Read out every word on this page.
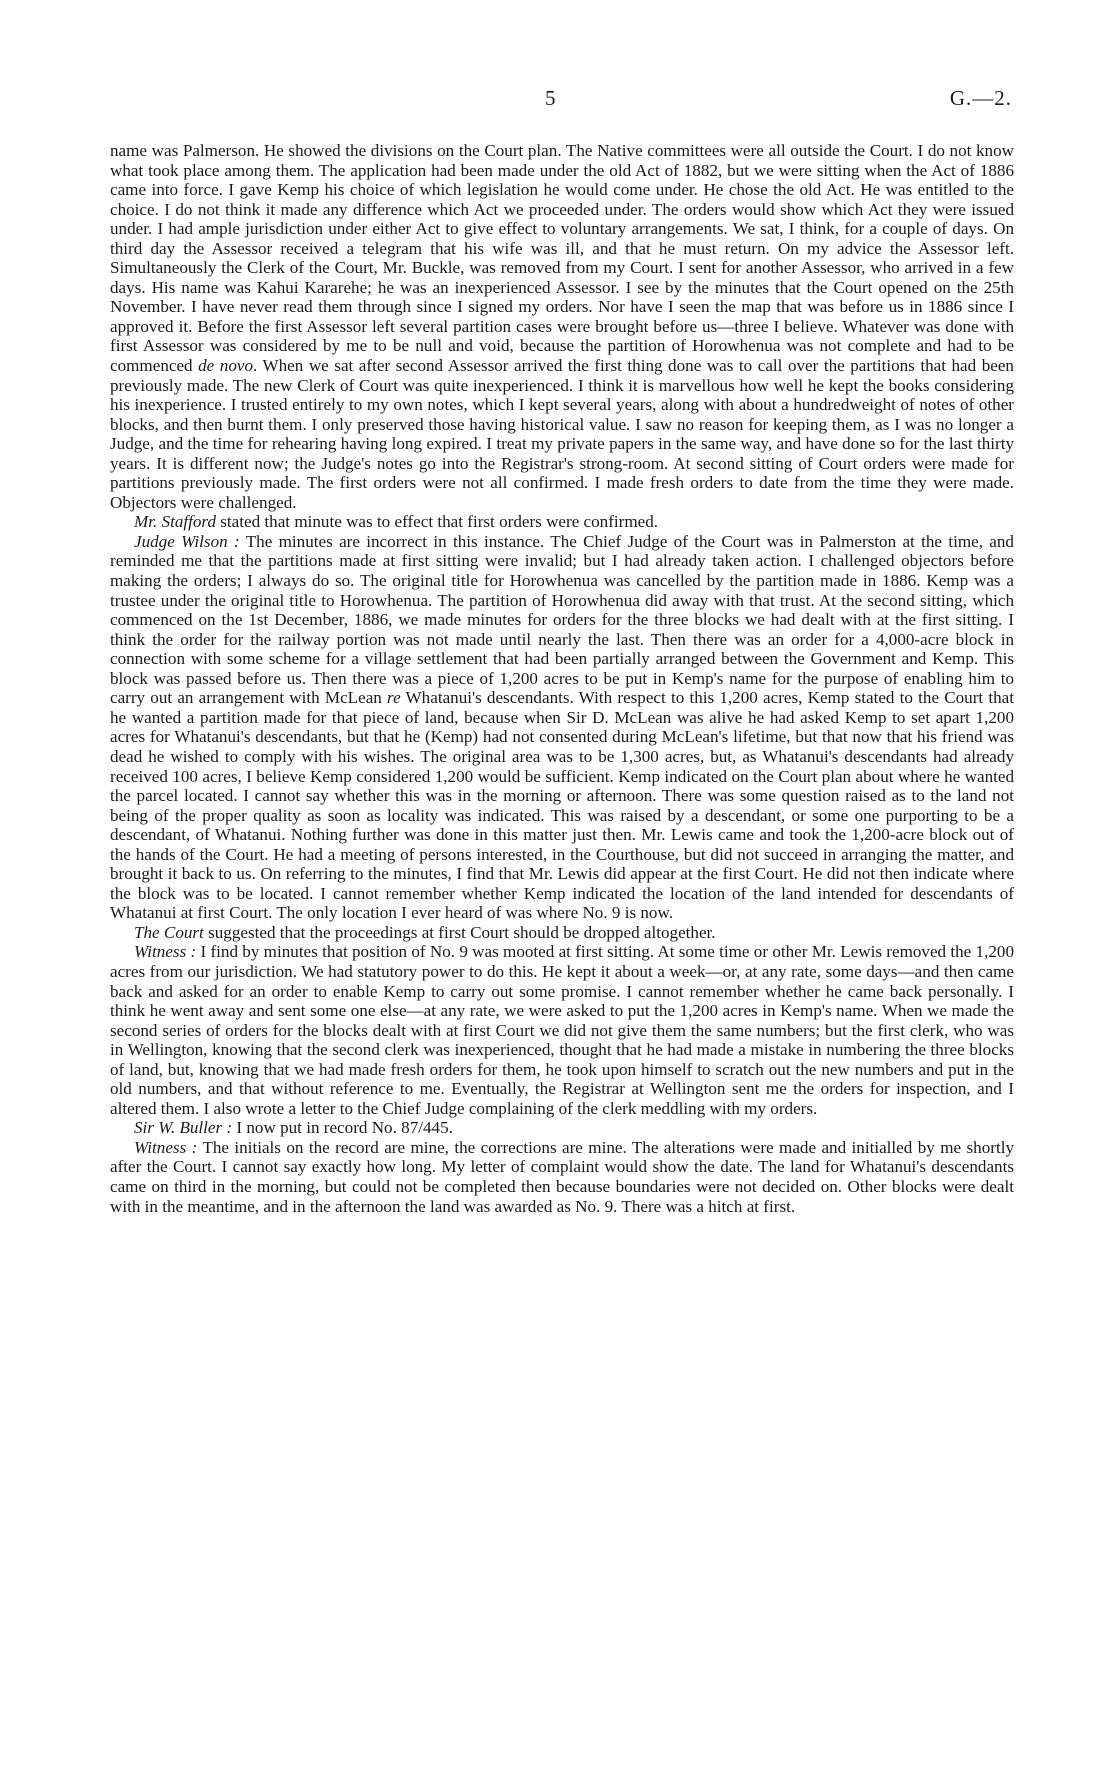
5	G.—2.

name was Palmerson. He showed the divisions on the Court plan. The Native committees were all outside the Court. I do not know what took place among them. The application had been made under the old Act of 1882, but we were sitting when the Act of 1886 came into force. I gave Kemp his choice of which legislation he would come under. He chose the old Act. He was entitled to the choice. I do not think it made any difference which Act we proceeded under. The orders would show which Act they were issued under. I had ample jurisdiction under either Act to give effect to voluntary arrangements. We sat, I think, for a couple of days. On third day the Assessor received a telegram that his wife was ill, and that he must return. On my advice the Assessor left. Simultaneously the Clerk of the Court, Mr. Buckle, was removed from my Court. I sent for another Assessor, who arrived in a few days. His name was Kahui Kararehe; he was an inexperienced Assessor. I see by the minutes that the Court opened on the 25th November. I have never read them through since I signed my orders. Nor have I seen the map that was before us in 1886 since I approved it. Before the first Assessor left several partition cases were brought before us—three I believe. Whatever was done with first Assessor was considered by me to be null and void, because the partition of Horowhenua was not complete and had to be commenced de novo. When we sat after second Assessor arrived the first thing done was to call over the partitions that had been previously made. The new Clerk of Court was quite inexperienced. I think it is marvellous how well he kept the books considering his inexperience. I trusted entirely to my own notes, which I kept several years, along with about a hundredweight of notes of other blocks, and then burnt them. I only preserved those having historical value. I saw no reason for keeping them, as I was no longer a Judge, and the time for rehearing having long expired. I treat my private papers in the same way, and have done so for the last thirty years. It is different now; the Judge's notes go into the Registrar's strong-room. At second sitting of Court orders were made for partitions previously made. The first orders were not all confirmed. I made fresh orders to date from the time they were made. Objectors were challenged.

Mr. Stafford stated that minute was to effect that first orders were confirmed.

Judge Wilson : The minutes are incorrect in this instance. The Chief Judge of the Court was in Palmerston at the time, and reminded me that the partitions made at first sitting were invalid; but I had already taken action. I challenged objectors before making the orders; I always do so. The original title for Horowhenua was cancelled by the partition made in 1886. Kemp was a trustee under the original title to Horowhenua. The partition of Horowhenua did away with that trust. At the second sitting, which commenced on the 1st December, 1886, we made minutes for orders for the three blocks we had dealt with at the first sitting. I think the order for the railway portion was not made until nearly the last. Then there was an order for a 4,000-acre block in connection with some scheme for a village settlement that had been partially arranged between the Government and Kemp. This block was passed before us. Then there was a piece of 1,200 acres to be put in Kemp's name for the purpose of enabling him to carry out an arrangement with McLean re Whatanui's descendants. With respect to this 1,200 acres, Kemp stated to the Court that he wanted a partition made for that piece of land, because when Sir D. McLean was alive he had asked Kemp to set apart 1,200 acres for Whatanui's descendants, but that he (Kemp) had not consented during McLean's lifetime, but that now that his friend was dead he wished to comply with his wishes. The original area was to be 1,300 acres, but, as Whatanui's descendants had already received 100 acres, I believe Kemp considered 1,200 would be sufficient. Kemp indicated on the Court plan about where he wanted the parcel located. I cannot say whether this was in the morning or afternoon. There was some question raised as to the land not being of the proper quality as soon as locality was indicated. This was raised by a descendant, or some one purporting to be a descendant, of Whatanui. Nothing further was done in this matter just then. Mr. Lewis came and took the 1,200-acre block out of the hands of the Court. He had a meeting of persons interested, in the Courthouse, but did not succeed in arranging the matter, and brought it back to us. On referring to the minutes, I find that Mr. Lewis did appear at the first Court. He did not then indicate where the block was to be located. I cannot remember whether Kemp indicated the location of the land intended for descendants of Whatanui at first Court. The only location I ever heard of was where No. 9 is now.

The Court suggested that the proceedings at first Court should be dropped altogether.

Witness : I find by minutes that position of No. 9 was mooted at first sitting. At some time or other Mr. Lewis removed the 1,200 acres from our jurisdiction. We had statutory power to do this. He kept it about a week—or, at any rate, some days—and then came back and asked for an order to enable Kemp to carry out some promise. I cannot remember whether he came back personally. I think he went away and sent some one else—at any rate, we were asked to put the 1,200 acres in Kemp's name. When we made the second series of orders for the blocks dealt with at first Court we did not give them the same numbers; but the first clerk, who was in Wellington, knowing that the second clerk was inexperienced, thought that he had made a mistake in numbering the three blocks of land, but, knowing that we had made fresh orders for them, he took upon himself to scratch out the new numbers and put in the old numbers, and that without reference to me. Eventually, the Registrar at Wellington sent me the orders for inspection, and I altered them. I also wrote a letter to the Chief Judge complaining of the clerk meddling with my orders.

Sir W. Buller : I now put in record No. 87/445.

Witness : The initials on the record are mine, the corrections are mine. The alterations were made and initialled by me shortly after the Court. I cannot say exactly how long. My letter of complaint would show the date. The land for Whatanui's descendants came on third in the morning, but could not be completed then because boundaries were not decided on. Other blocks were dealt with in the meantime, and in the afternoon the land was awarded as No. 9. There was a hitch at first.
